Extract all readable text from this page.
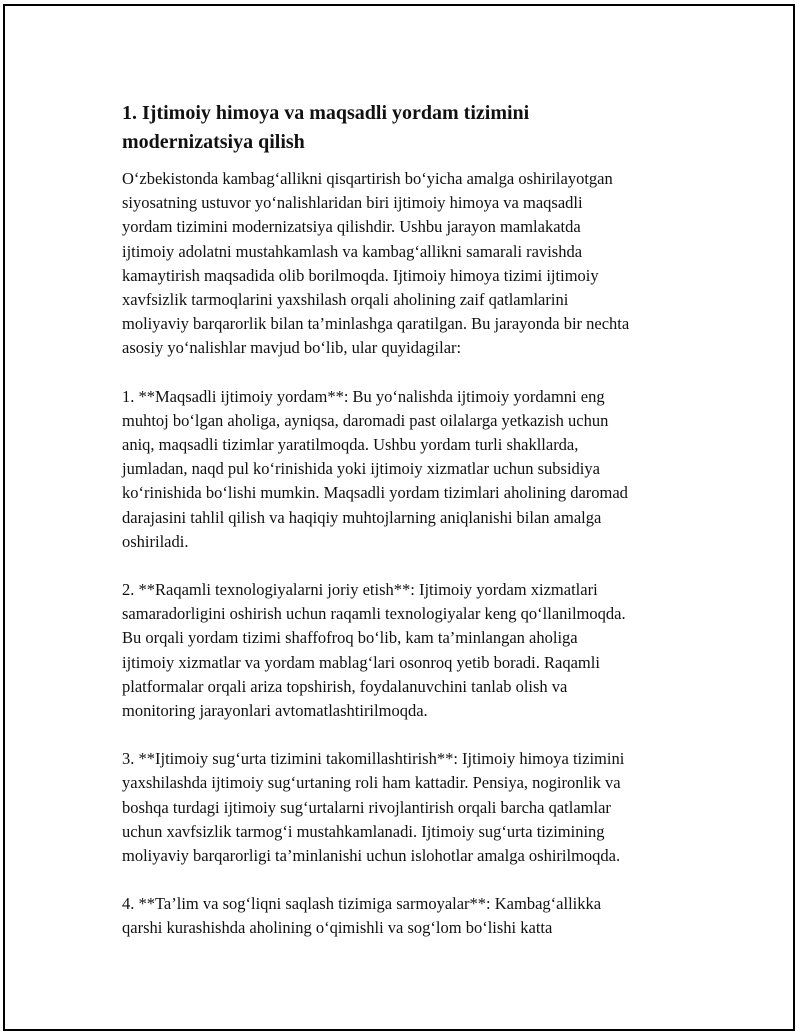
1. Ijtimoiy himoya va maqsadli yordam tizimini
modernizatsiya qilish

O‘zbekistonda kambag‘allikni qisqartirish bo‘yicha amalga oshirilayotgan
siyosatning ustuvor yo‘nalishlaridan biri ijtimoiy himoya va maqsadli
yordam tizimini modernizatsiya qilishdir. Ushbu jarayon mamlakatda
ijtimoiy adolatni mustahkamlash va kambag‘allikni samarali ravishda
kamaytirish maqsadida olib borilmoqda. Ijtimoiy himoya tizimi ijtimoiy
xavfsizlik tarmoqlarini yaxshilash orqali aholining zaif qatlamlarini
moliyaviy barqarorlik bilan ta’minlashga qaratilgan. Bu jarayonda bir nechta
asosiy yo‘nalishlar mavjud bo‘lib, ular quyidagilar:

1. **Maqsadli ijtimoiy yordam**: Bu yo‘nalishda ijtimoiy yordamni eng
muhtoj bo‘lgan aholiga, ayniqsa, daromadi past oilalarga yetkazish uchun
aniq, maqsadli tizimlar yaratilmoqda. Ushbu yordam turli shakllarda,
jumladan, naqd pul ko‘rinishida yoki ijtimoiy xizmatlar uchun subsidiya
ko‘rinishida bo‘lishi mumkin. Maqsadli yordam tizimlari aholining daromad
darajasini tahlil qilish va haqiqiy muhtojlarning aniqlanishi bilan amalga
oshiriladi.

2. **Raqamli texnologiyalarni joriy etish**: Ijtimoiy yordam xizmatlari
samaradorligini oshirish uchun raqamli texnologiyalar keng qo‘llanilmoqda.
Bu orqali yordam tizimi shaffofroq bo‘lib, kam ta’minlangan aholiga
ijtimoiy xizmatlar va yordam mablag‘lari osonroq yetib boradi. Raqamli
platformalar orqali ariza topshirish, foydalanuvchini tanlab olish va
monitoring jarayonlari avtomatlashtirilmoqda.

3. **Ijtimoiy sug‘urta tizimini takomillashtirish**: Ijtimoiy himoya tizimini
yaxshilashda ijtimoiy sug‘urtaning roli ham kattadir. Pensiya, nogironlik va
boshqa turdagi ijtimoiy sug‘urtalarni rivojlantirish orqali barcha qatlamlar
uchun xavfsizlik tarmog‘i mustahkamlanadi. Ijtimoiy sug‘urta tizimining
moliyaviy barqarorligi ta’minlanishi uchun islohotlar amalga oshirilmoqda.

4. **Ta’lim va sog‘liqni saqlash tizimiga sarmoyalar**: Kambag‘allikka
qarshi kurashishda aholining o‘qimishli va sog‘lom bo‘lishi katta
